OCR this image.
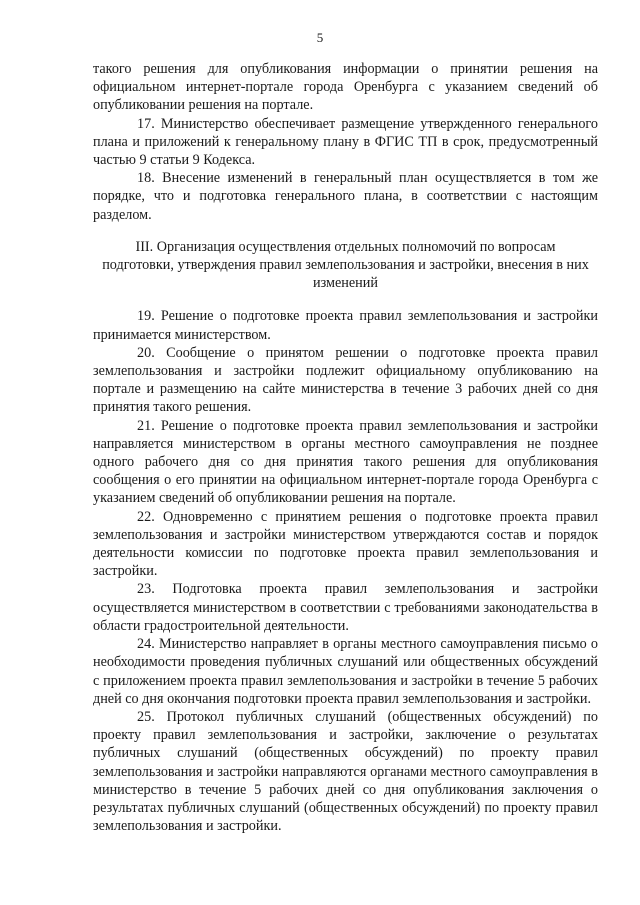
5

такого решения для опубликования информации о принятии решения на официальном интернет-портале города Оренбурга с указанием сведений об опубликовании решения на портале.

17. Министерство обеспечивает размещение утвержденного генерального плана и приложений к генеральному плану в ФГИС ТП в срок, предусмотренный частью 9 статьи 9 Кодекса.

18. Внесение изменений в генеральный план осуществляется в том же порядке, что и подготовка генерального плана, в соответствии с настоящим разделом.

III. Организация осуществления отдельных полномочий по вопросам подготовки, утверждения правил землепользования и застройки, внесения в них изменений

19. Решение о подготовке проекта правил землепользования и застройки принимается министерством.

20. Сообщение о принятом решении о подготовке проекта правил землепользования и застройки подлежит официальному опубликованию на портале и размещению на сайте министерства в течение 3 рабочих дней со дня принятия такого решения.

21. Решение о подготовке проекта правил землепользования и застройки направляется министерством в органы местного самоуправления не позднее одного рабочего дня со дня принятия такого решения для опубликования сообщения о его принятии на официальном интернет-портале города Оренбурга с указанием сведений об опубликовании решения на портале.

22. Одновременно с принятием решения о подготовке проекта правил землепользования и застройки министерством утверждаются состав и порядок деятельности комиссии по подготовке проекта правил землепользования и застройки.

23. Подготовка проекта правил землепользования и застройки осуществляется министерством в соответствии с требованиями законодательства в области градостроительной деятельности.

24. Министерство направляет в органы местного самоуправления письмо о необходимости проведения публичных слушаний или общественных обсуждений с приложением проекта правил землепользования и застройки в течение 5 рабочих дней со дня окончания подготовки проекта правил землепользования и застройки.

25. Протокол публичных слушаний (общественных обсуждений) по проекту правил землепользования и застройки, заключение о результатах публичных слушаний (общественных обсуждений) по проекту правил землепользования и застройки направляются органами местного самоуправления в министерство в течение 5 рабочих дней со дня опубликования заключения о результатах публичных слушаний (общественных обсуждений) по проекту правил землепользования и застройки.
